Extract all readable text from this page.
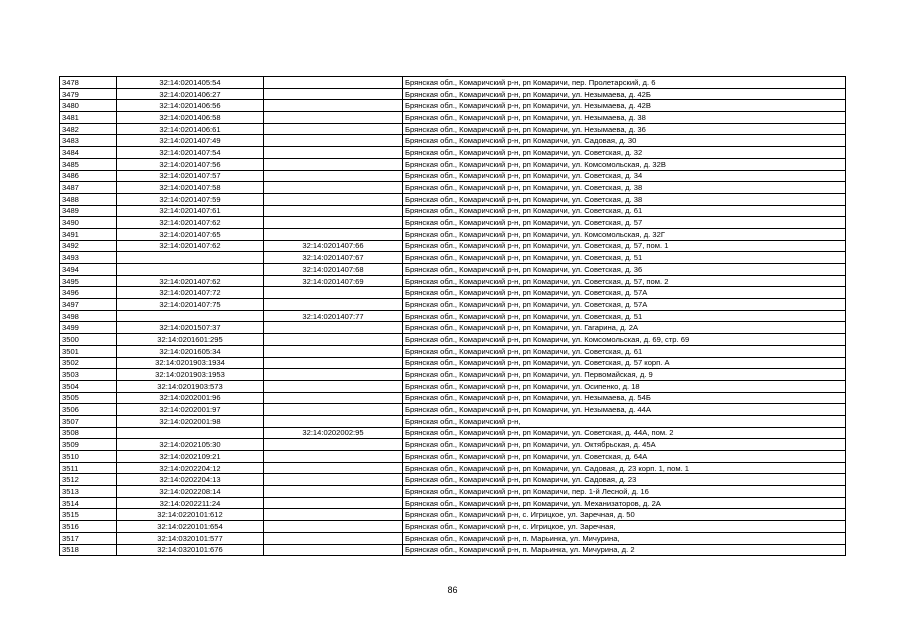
3478	32:14:0201405:54		Брянская обл., Комаричский р-н, рп Комаричи, пер. Пролетарский, д. 6
3479	32:14:0201406:27		Брянская обл., Комаричский р-н, рп Комаричи, ул. Незымаева, д. 42Б
3480	32:14:0201406:56		Брянская обл., Комаричский р-н, рп Комаричи, ул. Незымаева, д. 42В
3481	32:14:0201406:58		Брянская обл., Комаричский р-н, рп Комаричи, ул. Незымаева, д. 38
3482	32:14:0201406:61		Брянская обл., Комаричский р-н, рп Комаричи, ул. Незымаева, д. 36
3483	32:14:0201407:49		Брянская обл., Комаричский р-н, рп Комаричи, ул. Садовая, д. 30
3484	32:14:0201407:54		Брянская обл., Комаричский р-н, рп Комаричи, ул. Советская, д. 32
3485	32:14:0201407:56		Брянская обл., Комаричский р-н, рп Комаричи, ул. Комсомольская, д. 32В
3486	32:14:0201407:57		Брянская обл., Комаричский р-н, рп Комаричи, ул. Советская, д. 34
3487	32:14:0201407:58		Брянская обл., Комаричский р-н, рп Комаричи, ул. Советская, д. 38
3488	32:14:0201407:59		Брянская обл., Комаричский р-н, рп Комаричи, ул. Советская, д. 38
3489	32:14:0201407:61		Брянская обл., Комаричский р-н, рп Комаричи, ул. Советская, д. 61
3490	32:14:0201407:62		Брянская обл., Комаричский р-н, рп Комаричи, ул. Советская, д. 57
3491	32:14:0201407:65		Брянская обл., Комаричский р-н, рп Комаричи, ул. Комсомольская, д. 32Г
3492	32:14:0201407:62	32:14:0201407:66	Брянская обл., Комаричский р-н, рп Комаричи, ул. Советская, д. 57, пом. 1
3493		32:14:0201407:67	Брянская обл., Комаричский р-н, рп Комаричи, ул. Советская, д. 51
3494		32:14:0201407:68	Брянская обл., Комаричский р-н, рп Комаричи, ул. Советская, д. 36
3495	32:14:0201407:62	32:14:0201407:69	Брянская обл., Комаричский р-н, рп Комаричи, ул. Советская, д. 57, пом. 2
3496	32:14:0201407:72		Брянская обл., Комаричский р-н, рп Комаричи, ул. Советская, д. 57А
3497	32:14:0201407:75		Брянская обл., Комаричский р-н, рп Комаричи, ул. Советская, д. 57А
3498		32:14:0201407:77	Брянская обл., Комаричский р-н, рп Комаричи, ул. Советская, д. 51
3499	32:14:0201507:37		Брянская обл., Комаричский р-н, рп Комаричи, ул. Гагарина, д. 2А
3500	32:14:0201601:295		Брянская обл., Комаричский р-н, рп Комаричи, ул. Комсомольская, д. 69, стр. 69
3501	32:14:0201605:34		Брянская обл., Комаричский р-н, рп Комаричи, ул. Советская, д. 61
3502	32:14:0201903:1934		Брянская обл., Комаричский р-н, рп Комаричи, ул. Советская, д. 57 корп. А
3503	32:14:0201903:1953		Брянская обл., Комаричский р-н, рп Комаричи, ул. Первомайская, д. 9
3504	32:14:0201903:573		Брянская обл., Комаричский р-н, рп Комаричи, ул. Осипенко, д. 18
3505	32:14:0202001:96		Брянская обл., Комаричский р-н, рп Комаричи, ул. Незымаева, д. 54Б
3506	32:14:0202001:97		Брянская обл., Комаричский р-н, рп Комаричи, ул. Незымаева, д. 44А
3507	32:14:0202001:98		Брянская обл., Комаричский р-н,
3508		32:14:0202002:95	Брянская обл., Комаричский р-н, рп Комаричи, ул. Советская, д. 44А, пом. 2
3509	32:14:0202105:30		Брянская обл., Комаричский р-н, рп Комаричи, ул. Октябрьская, д. 45А
3510	32:14:0202109:21		Брянская обл., Комаричский р-н, рп Комаричи, ул. Советская, д. 64А
3511	32:14:0202204:12		Брянская обл., Комаричский р-н, рп Комаричи, ул. Садовая, д. 23 корп. 1, пом. 1
3512	32:14:0202204:13		Брянская обл., Комаричский р-н, рп Комаричи, ул. Садовая, д. 23
3513	32:14:0202208:14		Брянская обл., Комаричский р-н, рп Комаричи, пер. 1-й Лесной, д. 16
3514	32:14:0202211:24		Брянская обл., Комаричский р-н, рп Комаричи, ул. Механизаторов, д. 2А
3515	32:14:0220101:612		Брянская обл., Комаричский р-н, с. Игрицкое, ул. Заречная, д. 50
3516	32:14:0220101:654		Брянская обл., Комаричский р-н, с. Игрицкое, ул. Заречная,
3517	32:14:0320101:577		Брянская обл., Комаричский р-н, п. Марьинка, ул. Мичурина,
3518	32:14:0320101:676		Брянская обл., Комаричский р-н, п. Марьинка, ул. Мичурина, д. 2
86
